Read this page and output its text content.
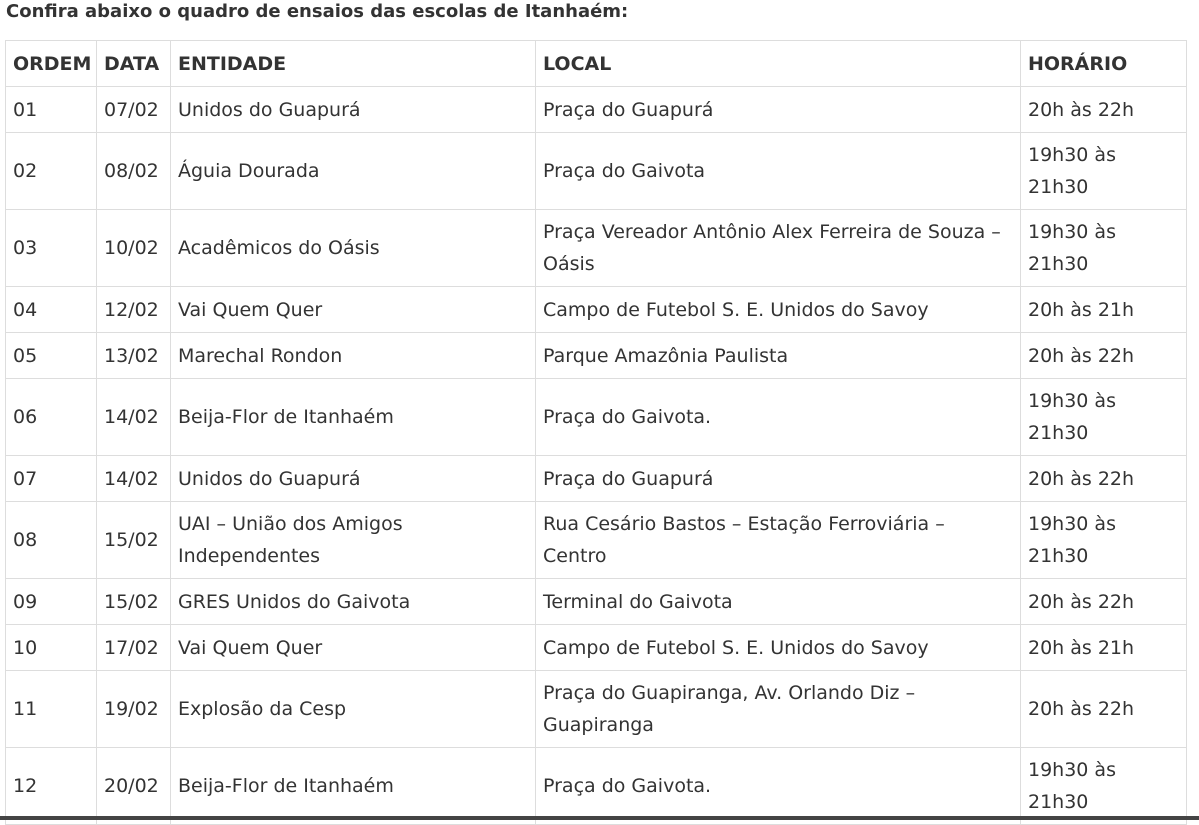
Confira abaixo o quadro de ensaios das escolas de Itanhaém:

ORDEM	DATA	ENTIDADE	LOCAL	HORÁRIO
01	07/02	Unidos do Guapurá	Praça do Guapurá	20h às 22h
02	08/02	Águia Dourada	Praça do Gaivota	19h30 às 21h30
03	10/02	Acadêmicos do Oásis	Praça Vereador Antônio Alex Ferreira de Souza – Oásis	19h30 às 21h30
04	12/02	Vai Quem Quer	Campo de Futebol S. E. Unidos do Savoy	20h às 21h
05	13/02	Marechal Rondon	Parque Amazônia Paulista	20h às 22h
06	14/02	Beija-Flor de Itanhaém	Praça do Gaivota.	19h30 às 21h30
07	14/02	Unidos do Guapurá	Praça do Guapurá	20h às 22h
08	15/02	UAI – União dos Amigos Independentes	Rua Cesário Bastos – Estação Ferroviária – Centro	19h30 às 21h30
09	15/02	GRES Unidos do Gaivota	Terminal do Gaivota	20h às 22h
10	17/02	Vai Quem Quer	Campo de Futebol S. E. Unidos do Savoy	20h às 21h
11	19/02	Explosão da Cesp	Praça do Guapiranga, Av. Orlando Diz – Guapiranga	20h às 22h
12	20/02	Beija-Flor de Itanhaém	Praça do Gaivota.	19h30 às 21h30
